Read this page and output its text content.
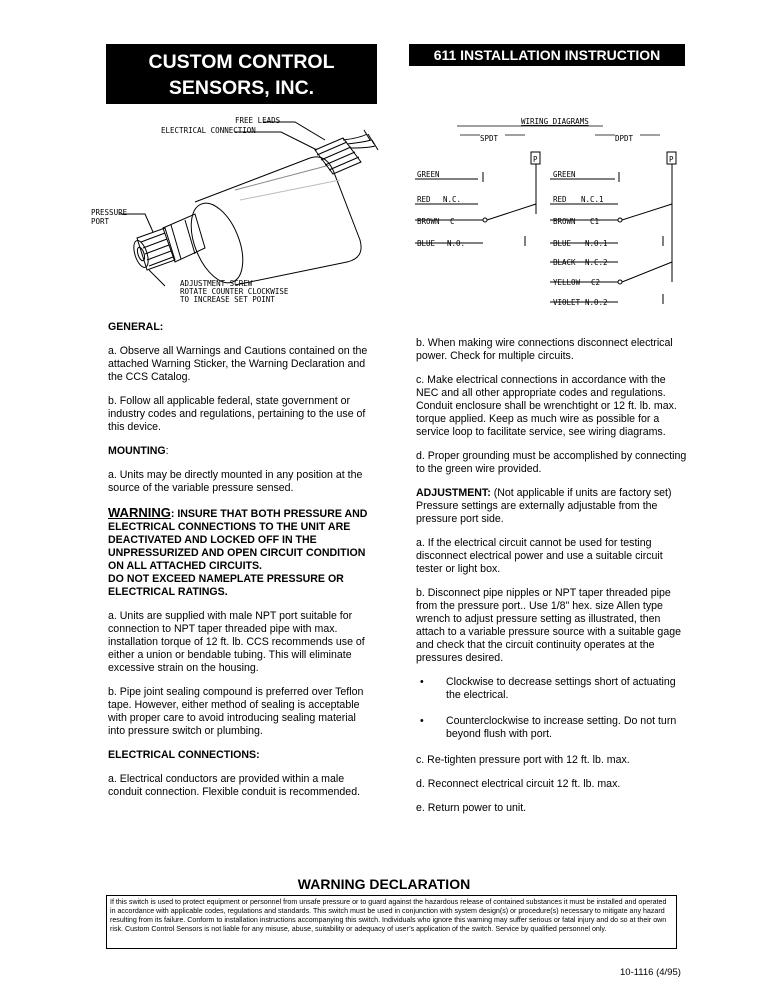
CUSTOM CONTROL
SENSORS, INC.
611 INSTALLATION INSTRUCTION
FREE LEADS
ELECTRICAL CONNECTION
PRESSURE
PORT
ADJUSTMENT SCREW
ROTATE COUNTER CLOCKWISE
TO INCREASE SET POINT
WIRING DIAGRAMS
SPDT	DPDT
GREEN
RED N.C.
BROWN C
BLUE N.O.
P
GREEN
RED N.C.1
BROWN C1
BLUE N.O.1
BLACK N.C.2
YELLOW C2
VIOLET N.O.2
P

GENERAL:

a. Observe all Warnings and Cautions contained on the attached Warning Sticker, the Warning Declaration and the CCS Catalog.

b. Follow all applicable federal, state government or industry codes and regulations, pertaining to the use of this device.

MOUNTING:

a. Units may be directly mounted in any position at the source of the variable pressure sensed.

WARNING: INSURE THAT BOTH PRESSURE AND ELECTRICAL CONNECTIONS TO THE UNIT ARE DEACTIVATED AND LOCKED OFF IN THE UNPRESSURIZED AND OPEN CIRCUIT CONDITION ON ALL ATTACHED CIRCUITS.
DO NOT EXCEED NAMEPLATE PRESSURE OR ELECTRICAL RATINGS.

a. Units are supplied with male NPT port suitable for connection to NPT taper threaded pipe with max. installation torque of 12 ft. lb. CCS recommends use of either a union or bendable tubing. This will eliminate excessive strain on the housing.

b. Pipe joint sealing compound is preferred over Teflon tape. However, either method of sealing is acceptable with proper care to avoid introducing sealing material into pressure switch or plumbing.

ELECTRICAL CONNECTIONS:

a. Electrical conductors are provided within a male conduit connection. Flexible conduit is recommended.

b. When making wire connections disconnect electrical power. Check for multiple circuits.

c. Make electrical connections in accordance with the NEC and all other appropriate codes and regulations. Conduit enclosure shall be wrenchtight or 12 ft. lb. max. torque applied. Keep as much wire as possible for a service loop to facilitate service, see wiring diagrams.

d. Proper grounding must be accomplished by connecting to the green wire provided.

ADJUSTMENT: (Not applicable if units are factory set) Pressure settings are externally adjustable from the pressure port side.

a. If the electrical circuit cannot be used for testing disconnect electrical power and use a suitable circuit tester or light box.

b. Disconnect pipe nipples or NPT taper threaded pipe from the pressure port.. Use 1/8" hex. size Allen type wrench to adjust pressure setting as illustrated, then attach to a variable pressure source with a suitable gage and check that the circuit continuity operates at the pressures desired.

•	Clockwise to decrease settings short of actuating the electrical.
•	Counterclockwise to increase setting. Do not turn beyond flush with port.

c. Re-tighten pressure port with 12 ft. lb. max.

d. Reconnect electrical circuit 12 ft. lb. max.

e. Return power to unit.

WARNING DECLARATION
If this switch is used to protect equipment or personnel from unsafe pressure or to guard against the hazardous release of contained substances it must be installed and operated in accordance with applicable codes, regulations and standards. This switch must be used in conjunction with system design(s) or procedure(s) necessary to mitigate any hazard resulting from its failure. Conform to installation instructions accompanying this switch. Individuals who ignore this warning may suffer serious or fatal injury and do so at their own risk. Custom Control Sensors is not liable for any misuse, abuse, suitability or adequacy of user’s application of the switch. Service by qualified personnel only.
10-1116 (4/95)
